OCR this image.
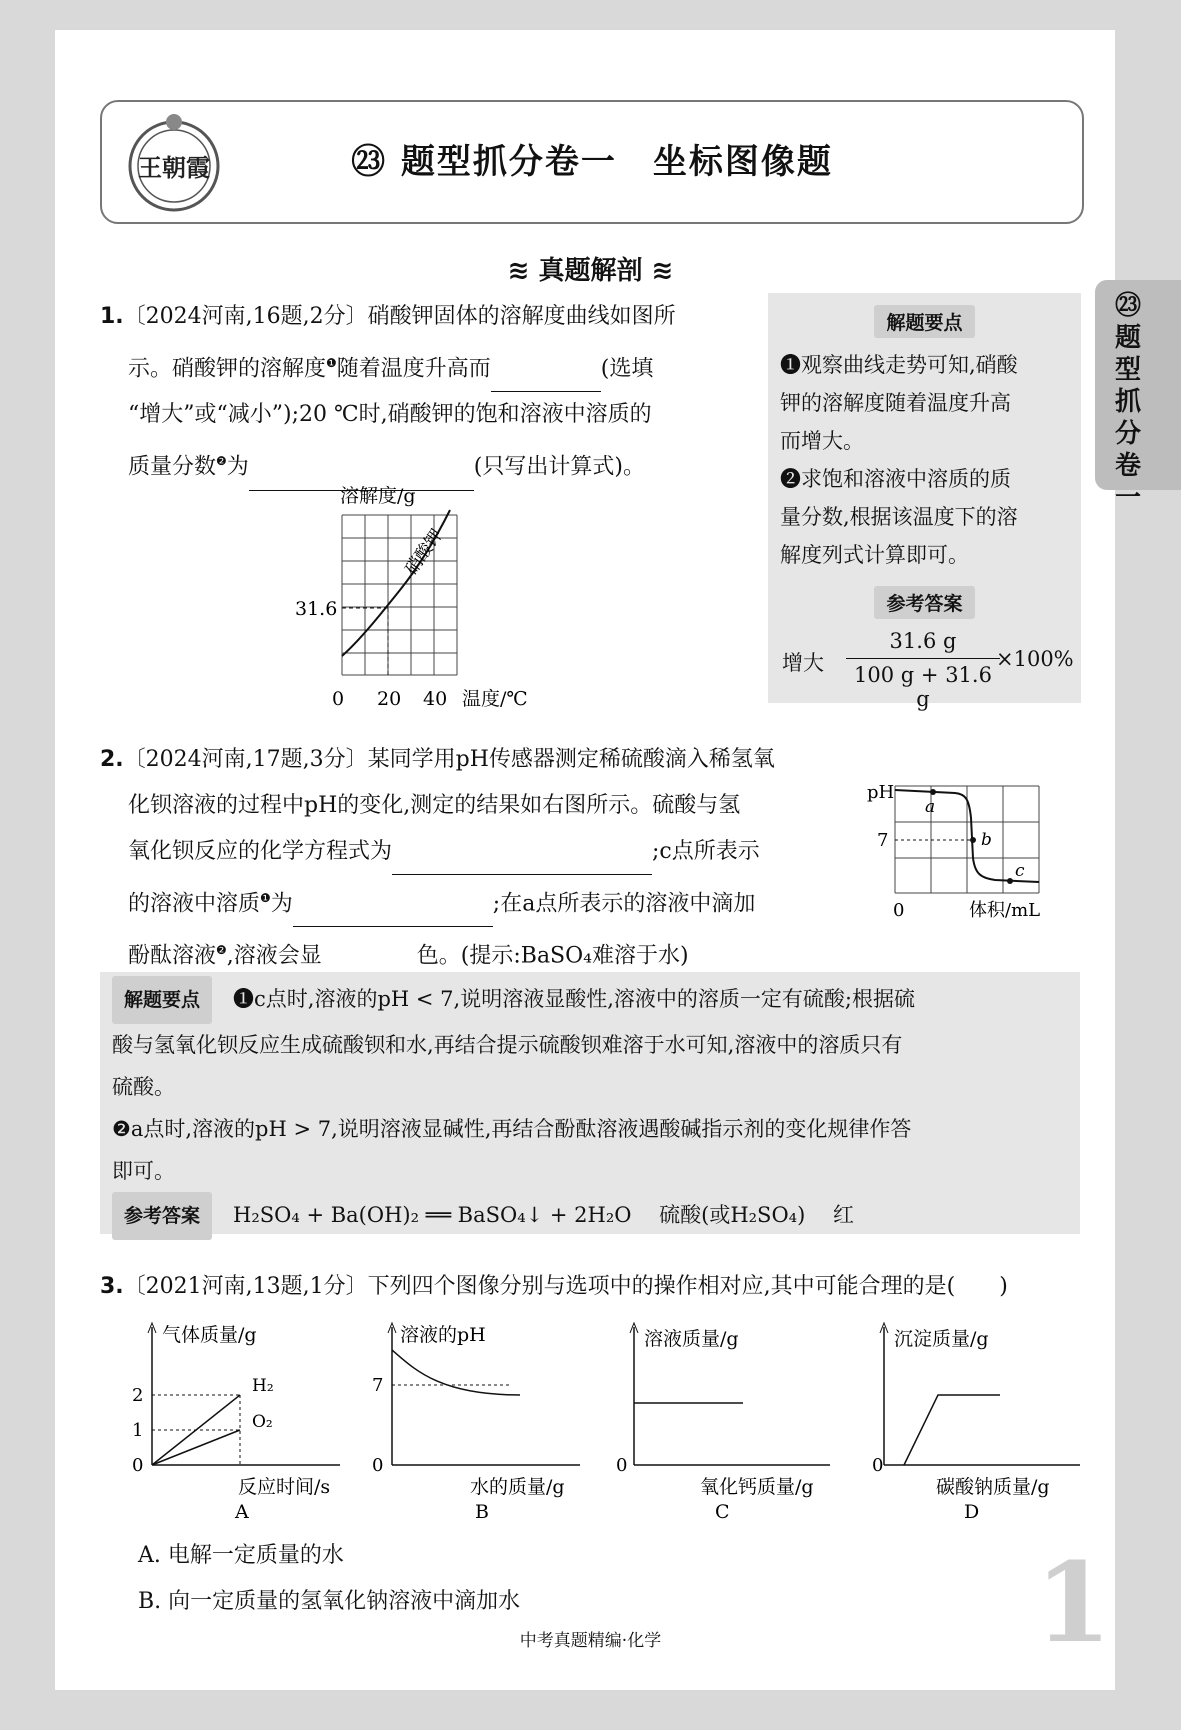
王朝霞	㉓ 题型抓分卷一　坐标图像题
≋ 真题解剖 ≋
㉓题型抓分卷一
1.〔2024河南,16题,2分〕硝酸钾固体的溶解度曲线如图所
示。硝酸钾的溶解度$^❶$随着温度升高而	(选填
“增大”或“减小”);20 ℃时,硝酸钾的饱和溶液中溶质的
质量分数$^❷$为	(只写出计算式)。
溶解度/g
硝酸钾
31.6
0 20 40 温度/℃
解题要点
❶观察曲线走势可知,硝酸
钾的溶解度随着温度升高
而增大。
❷求饱和溶液中溶质的质
量分数,根据该温度下的溶
解度列式计算即可。
参考答案
增大
31.6 g
100 g + 31.6 g
×100%
2.〔2024河南,17题,3分〕某同学用pH传感器测定稀硫酸滴入稀氢氧
化钡溶液的过程中pH的变化,测定的结果如右图所示。硫酸与氢
氧化钡反应的化学方程式为	;c点所表示
的溶液中溶质$^❶$为	;在a点所表示的溶液中滴加
酚酞溶液$^❷$,溶液会显	色。(提示:BaSO₄难溶于水)
a
b
c
pH
7
0	体积/mL
解题要点　 ❶c点时,溶液的pH < 7,说明溶液显酸性,溶液中的溶质一定有硫酸;根据硫
酸与氢氧化钡反应生成硫酸钡和水,再结合提示硫酸钡难溶于水可知,溶液中的溶质只有
硫酸。
❷a点时,溶液的pH > 7,说明溶液显碱性,再结合酚酞溶液遇酸碱指示剂的变化规律作答
即可。
参考答案　 H₂SO₄ + Ba(OH)₂ ══ BaSO₄↓ + 2H₂O　 硫酸(或H₂SO₄)　 红
3.〔2021河南,13题,1分〕下列四个图像分别与选项中的操作相对应,其中可能合理的是(　　)
气体质量/g
2
1
0
H₂
O₂
反应时间/s
A
溶液的pH
7
0
水的质量/g
B
溶液质量/g
0
氧化钙质量/g
C
沉淀质量/g
0
碳酸钠质量/g
D
A. 电解一定质量的水
B. 向一定质量的氢氧化钠溶液中滴加水	1
中考真题精编·化学
